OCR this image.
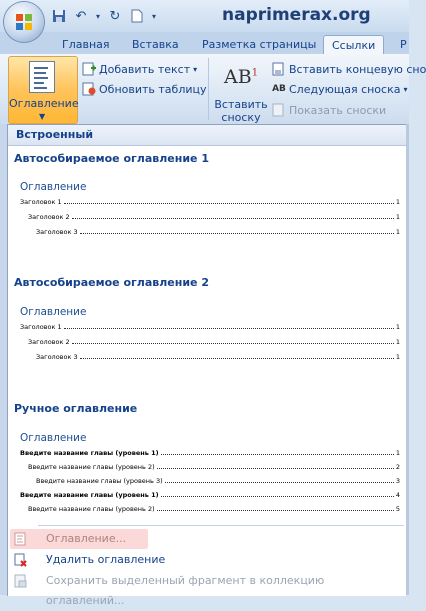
↶	▾ ↻	▾	naprimerax.org
Главная	Вставка	Разметка страницы	Ссылки	Р
Оглавление
▼
Добавить текст ▾
Обновить таблицу
$AB^1$
Вставить сноску
Вставить концевую сно
AB Следующая сноска ▾
Показать сноски
Встроенный
Автособираемое оглавление 1
Оглавление
Заголовок 1	1
Заголовок 2	1
Заголовок 3	1
Автособираемое оглавление 2
Оглавление
Заголовок 1	1
Заголовок 2	1
Заголовок 3	1
Ручное оглавление
Оглавление
Введите название главы (уровень 1)	1
Введите название главы (уровень 2)	2
Введите название главы (уровень 3)	3
Введите название главы (уровень 1)	4
Введите название главы (уровень 2)	5
Оглавление...
Удалить оглавление
Сохранить выделенный фрагмент в коллекцию оглавлений...
